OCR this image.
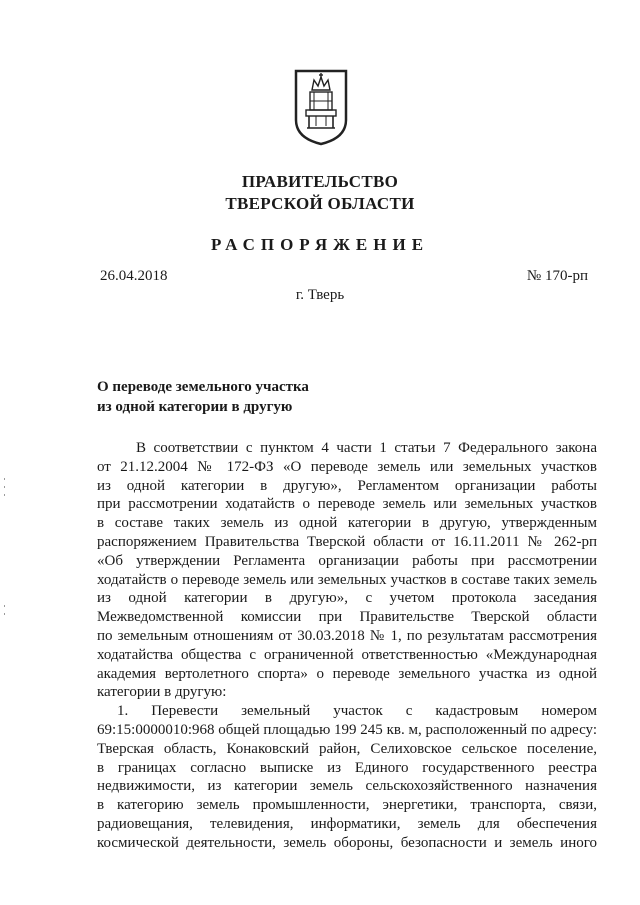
ПРАВИТЕЛЬСТВО
ТВЕРСКОЙ ОБЛАСТИ
РАСПОРЯЖЕНИЕ
26.04.2018	№ 170-рп
г. Тверь
О переводе земельного участка
из одной категории в другую
В соответствии с пунктом 4 части 1 статьи 7 Федерального закона
от 21.12.2004 № 172-ФЗ «О переводе земель или земельных участков
из одной категории в другую», Регламентом организации работы
при рассмотрении ходатайств о переводе земель или земельных участков
в составе таких земель из одной категории в другую, утвержденным
распоряжением Правительства Тверской области от 16.11.2011 № 262-рп
«Об утверждении Регламента организации работы при рассмотрении
ходатайств о переводе земель или земельных участков в составе таких земель
из одной категории в другую», с учетом протокола заседания
Межведомственной комиссии при Правительстве Тверской области
по земельным отношениям от 30.03.2018 № 1, по результатам рассмотрения
ходатайства общества с ограниченной ответственностью «Международная
академия вертолетного спорта» о переводе земельного участка из одной
категории в другую:
1. Перевести земельный участок с кадастровым номером
69:15:0000010:968 общей площадью 199 245 кв. м, расположенный по адресу:
Тверская область, Конаковский район, Селиховское сельское поселение,
в границах согласно выписке из Единого государственного реестра
недвижимости, из категории земель сельскохозяйственного назначения
в категорию земель промышленности, энергетики, транспорта, связи,
радиовещания, телевидения, информатики, земель для обеспечения
космической деятельности, земель обороны, безопасности и земель иного
